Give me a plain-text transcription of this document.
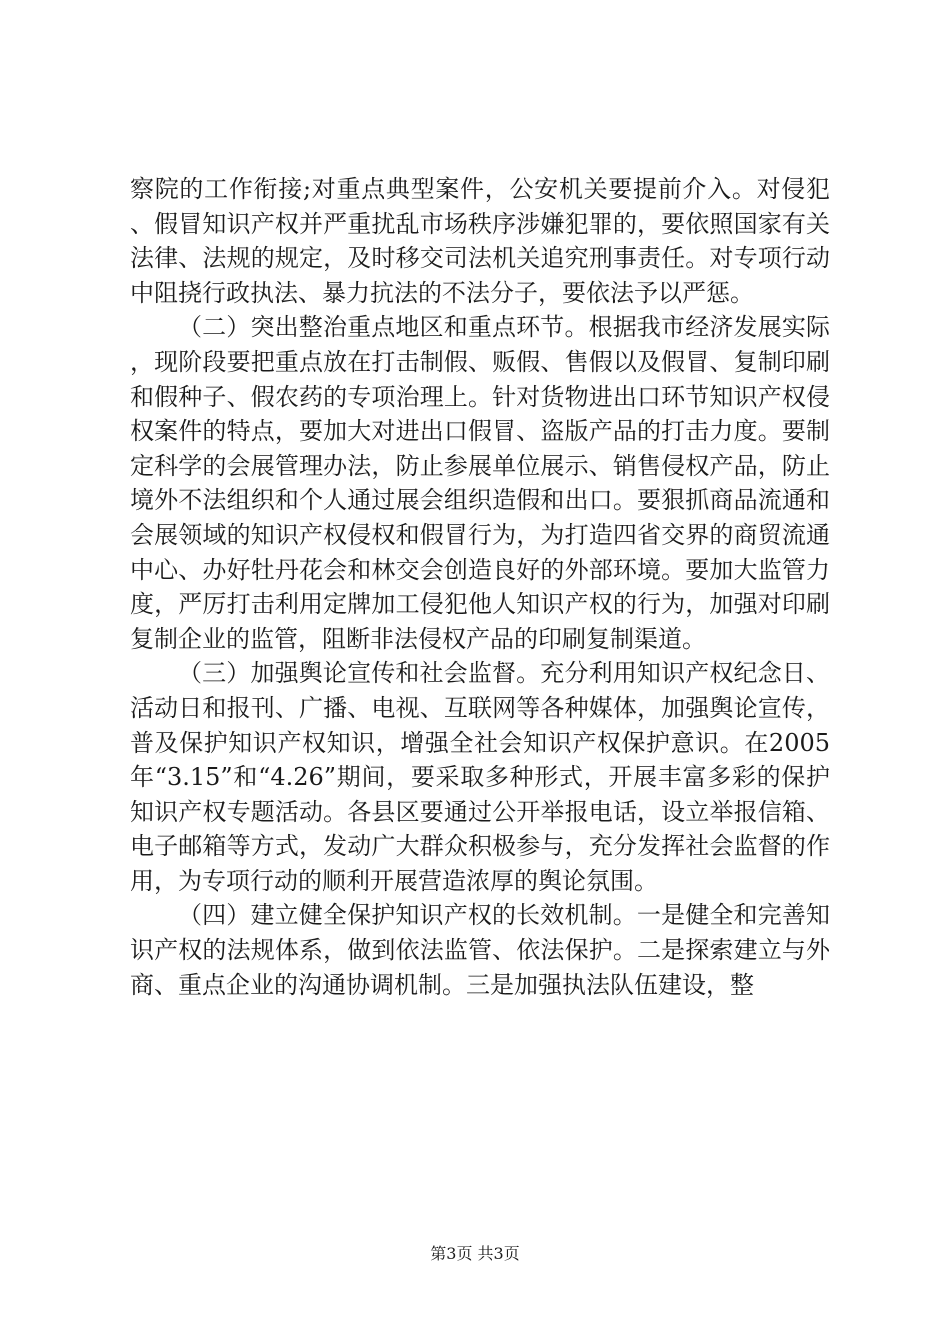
察院的工作衔接;对重点典型案件，公安机关要提前介入。对侵犯、假冒知识产权并严重扰乱市场秩序涉嫌犯罪的，要依照国家有关法律、法规的规定，及时移交司法机关追究刑事责任。对专项行动中阻挠行政执法、暴力抗法的不法分子，要依法予以严惩。

（二）突出整治重点地区和重点环节。根据我市经济发展实际，现阶段要把重点放在打击制假、贩假、售假以及假冒、复制印刷和假种子、假农药的专项治理上。针对货物进出口环节知识产权侵权案件的特点，要加大对进出口假冒、盗版产品的打击力度。要制定科学的会展管理办法，防止参展单位展示、销售侵权产品，防止境外不法组织和个人通过展会组织造假和出口。要狠抓商品流通和会展领域的知识产权侵权和假冒行为，为打造四省交界的商贸流通中心、办好牡丹花会和林交会创造良好的外部环境。要加大监管力度，严厉打击利用定牌加工侵犯他人知识产权的行为，加强对印刷复制企业的监管，阻断非法侵权产品的印刷复制渠道。

（三）加强舆论宣传和社会监督。充分利用知识产权纪念日、活动日和报刊、广播、电视、互联网等各种媒体，加强舆论宣传，普及保护知识产权知识，增强全社会知识产权保护意识。在2005年“3.15”和“4.26”期间，要采取多种形式，开展丰富多彩的保护知识产权专题活动。各县区要通过公开举报电话，设立举报信箱、电子邮箱等方式，发动广大群众积极参与，充分发挥社会监督的作用，为专项行动的顺利开展营造浓厚的舆论氛围。

（四）建立健全保护知识产权的长效机制。一是健全和完善知识产权的法规体系，做到依法监管、依法保护。二是探索建立与外商、重点企业的沟通协调机制。三是加强执法队伍建设，整

第3页 共3页
